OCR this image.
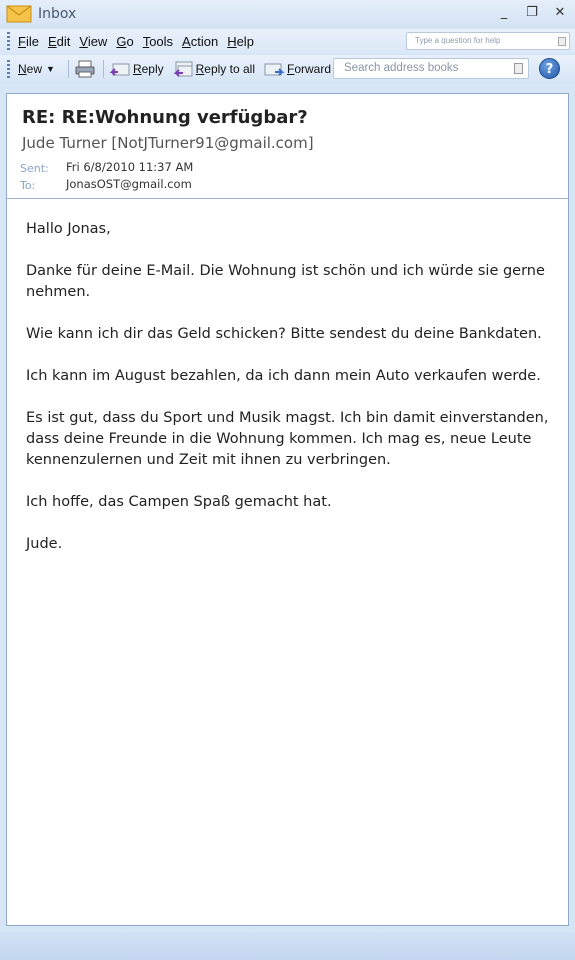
Inbox	_	❐ ✕
File Edit View Go Tools Action Help	Type a question for help
New ▼	Reply	Reply to all	Forward	Search address books	?
RE: RE:Wohnung verfügbar?
Jude Turner [NotJTurner91@gmail.com]
Sent: Fri 6/8/2010 11:37 AM
To:	JonasOST@gmail.com

Hallo Jonas,

Danke für deine E-Mail. Die Wohnung ist schön und ich würde sie gerne nehmen.

Wie kann ich dir das Geld schicken? Bitte sendest du deine Bankdaten.

Ich kann im August bezahlen, da ich dann mein Auto verkaufen werde.

Es ist gut, dass du Sport und Musik magst. Ich bin damit einverstanden, dass deine Freunde in die Wohnung kommen. Ich mag es, neue Leute kennenzulernen und Zeit mit ihnen zu verbringen.

Ich hoffe, das Campen Spaß gemacht hat.

Jude.
